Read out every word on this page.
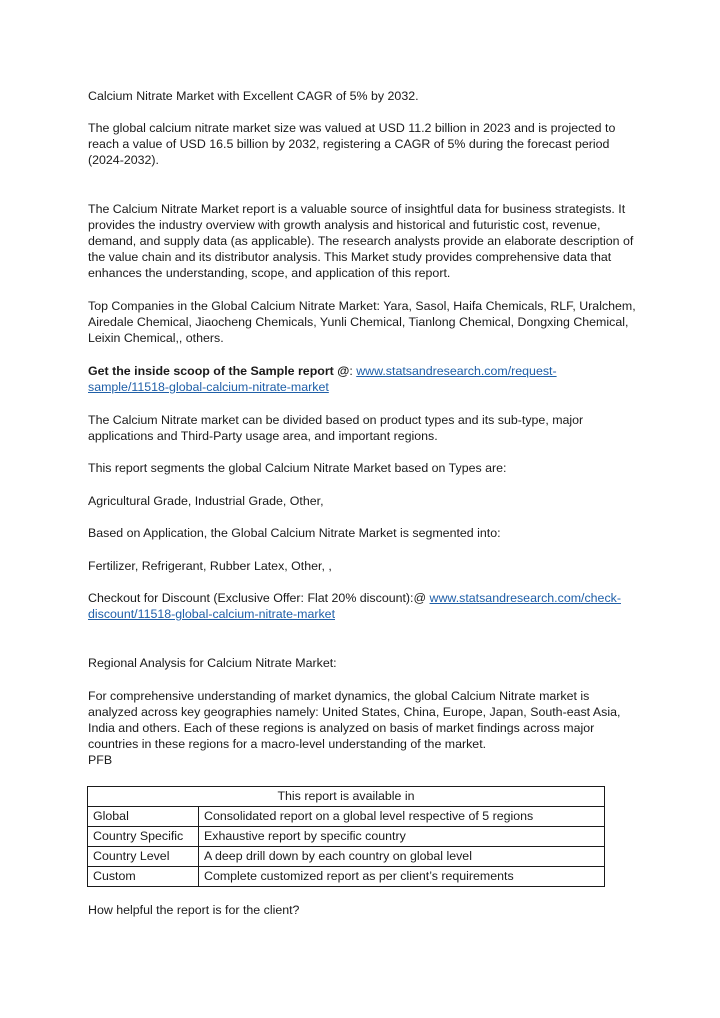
Calcium Nitrate Market with Excellent CAGR of 5% by 2032.

The global calcium nitrate market size was valued at USD 11.2 billion in 2023 and is projected to reach a value of USD 16.5 billion by 2032, registering a CAGR of 5% during the forecast period (2024-2032).

The Calcium Nitrate Market report is a valuable source of insightful data for business strategists. It provides the industry overview with growth analysis and historical and futuristic cost, revenue, demand, and supply data (as applicable). The research analysts provide an elaborate description of the value chain and its distributor analysis. This Market study provides comprehensive data that enhances the understanding, scope, and application of this report.

Top Companies in the Global Calcium Nitrate Market: Yara, Sasol, Haifa Chemicals, RLF, Uralchem, Airedale Chemical, Jiaocheng Chemicals, Yunli Chemical, Tianlong Chemical, Dongxing Chemical, Leixin Chemical,, others.

Get the inside scoop of the Sample report @: www.statsandresearch.com/request-sample/11518-global-calcium-nitrate-market

The Calcium Nitrate market can be divided based on product types and its sub-type, major applications and Third-Party usage area, and important regions.

This report segments the global Calcium Nitrate Market based on Types are:

Agricultural Grade, Industrial Grade, Other,

Based on Application, the Global Calcium Nitrate Market is segmented into:

Fertilizer, Refrigerant, Rubber Latex, Other, ,

Checkout for Discount (Exclusive Offer: Flat 20% discount):@ www.statsandresearch.com/check-discount/11518-global-calcium-nitrate-market

Regional Analysis for Calcium Nitrate Market:

For comprehensive understanding of market dynamics, the global Calcium Nitrate market is analyzed across key geographies namely: United States, China, Europe, Japan, South-east Asia, India and others. Each of these regions is analyzed on basis of market findings across major countries in these regions for a macro-level understanding of the market.

PFB

This report is available in	
Global	Consolidated report on a global level respective of 5 regions
Country Specific	Exhaustive report by specific country
Country Level	A deep drill down by each country on global level
Custom	Complete customized report as per client’s requirements

How helpful the report is for the client?
